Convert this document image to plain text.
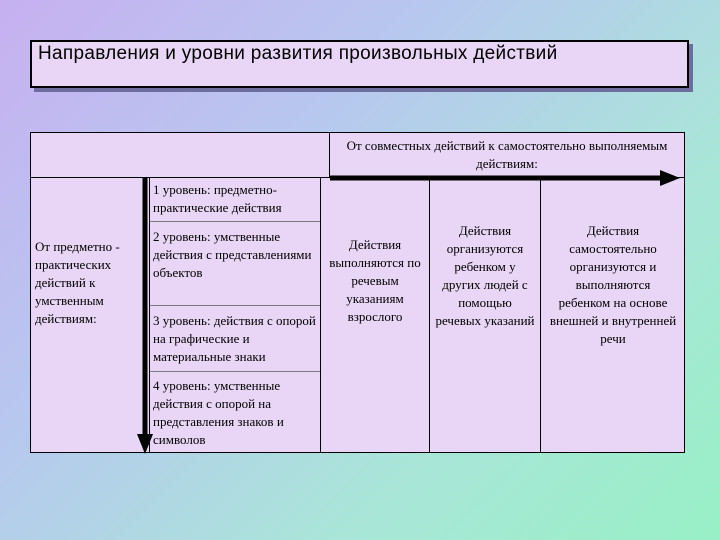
Направления и уровни развития произвольных действий
От совместных действий к самостоятельно выполняемым действиям:
От предметно - практических действий к умственным действиям:
1 уровень: предметно-практические действия
2 уровень: умственные действия с представлениями объектов
3 уровень: действия с опорой на графические и материальные знаки
4 уровень: умственные действия с опорой на представления знаков и символов
Действия выполняются по речевым указаниям взрослого
Действия организуются ребенком у других людей с помощью речевых указаний
Действия самостоятельно организуются и выполняются ребенком на основе внешней и внутренней речи
